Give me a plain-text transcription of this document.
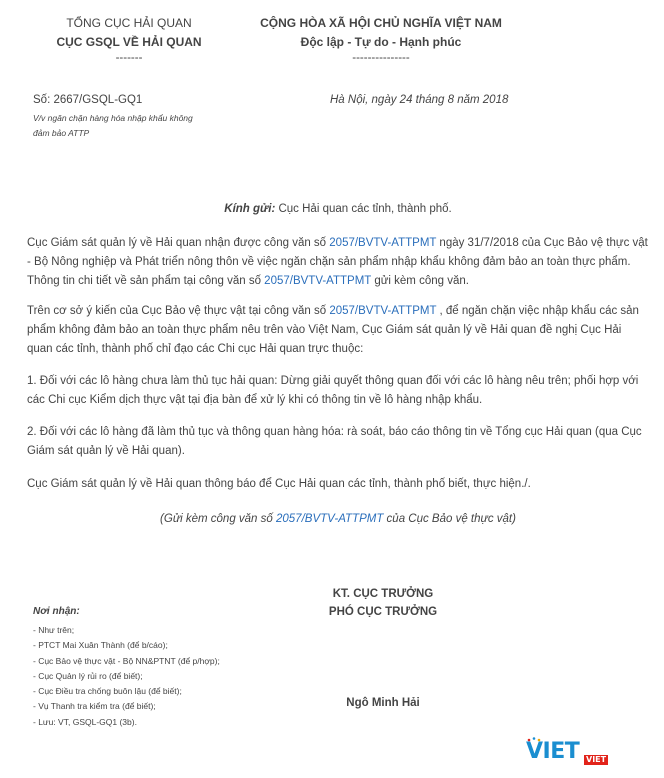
TỔNG CỤC HẢI QUAN
CỤC GSQL VỀ HẢI QUAN
-------
CỘNG HÒA XÃ HỘI CHỦ NGHĨA VIỆT NAM
Độc lập - Tự do - Hạnh phúc
---------------
Số: 2667/GSQL-GQ1
V/v ngăn chặn hàng hóa nhập khẩu không
đảm bảo ATTP
Hà Nội, ngày 24 tháng 8 năm 2018
Kính gửi: Cục Hải quan các tỉnh, thành phố.
Cục Giám sát quản lý về Hải quan nhận được công văn số 2057/BVTV-ATTPMT ngày 31/7/2018 của Cục Bảo vệ thực vật - Bộ Nông nghiệp và Phát triển nông thôn về việc ngăn chặn sản phẩm nhập khẩu không đảm bảo an toàn thực phẩm. Thông tin chi tiết về sản phẩm tại công văn số 2057/BVTV-ATTPMT gửi kèm công văn.
Trên cơ sở ý kiến của Cục Bảo vệ thực vật tại công văn số 2057/BVTV-ATTPMT , để ngăn chặn việc nhập khẩu các sản phẩm không đảm bảo an toàn thực phẩm nêu trên vào Việt Nam, Cục Giám sát quản lý về Hải quan đề nghị Cục Hải quan các tỉnh, thành phố chỉ đạo các Chi cục Hải quan trực thuộc:
1. Đối với các lô hàng chưa làm thủ tục hải quan: Dừng giải quyết thông quan đối với các lô hàng nêu trên; phối hợp với các Chi cục Kiểm dịch thực vật tại địa bàn để xử lý khi có thông tin về lô hàng nhập khẩu.
2. Đối với các lô hàng đã làm thủ tục và thông quan hàng hóa: rà soát, báo cáo thông tin về Tổng cục Hải quan (qua Cục Giám sát quản lý về Hải quan).
Cục Giám sát quản lý về Hải quan thông báo để Cục Hải quan các tỉnh, thành phố biết, thực hiện./.
(Gửi kèm công văn số 2057/BVTV-ATTPMT của Cục Bảo vệ thực vật)
KT. CỤC TRƯỞNG
PHÓ CỤC TRƯỞNG
Ngô Minh Hải
Nơi nhận:
- Như trên;
- PTCT Mai Xuân Thành (để b/cáo);
- Cục Bảo vệ thực vật - Bộ NN&PTNT (để p/hợp);
- Cục Quản lý rủi ro (để biết);
- Cục Điều tra chống buôn lậu (để biết);
- Vụ Thanh tra kiểm tra (để biết);
- Lưu: VT, GSQL-GQ1 (3b).
VIET VIET
